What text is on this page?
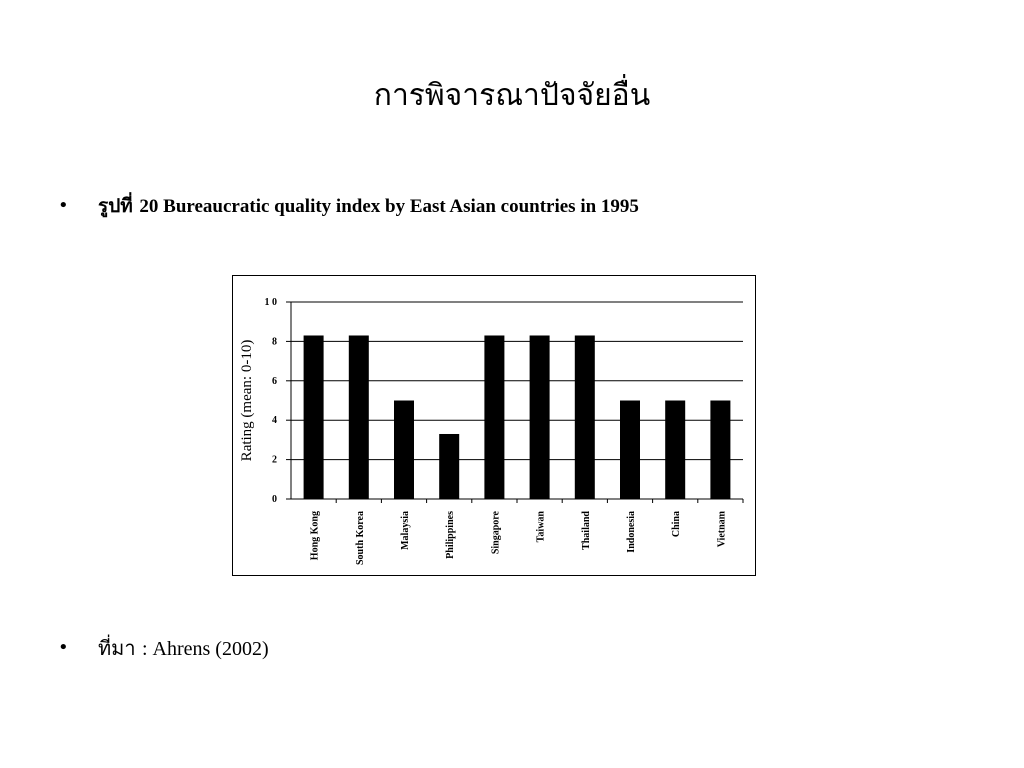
การพิจารณาปัจจัยอื่น
• รูปที่ 20 Bureaucratic quality index by East Asian countries in 1995
0
2
4
6
8
1 0
Hong Kong	South Korea	Malaysia	Philippines	Singapore	Taiwan	Thailand	Indonesia	China	Vietnam
Rating (mean: 0-10)
• ที่มา : Ahrens (2002)
